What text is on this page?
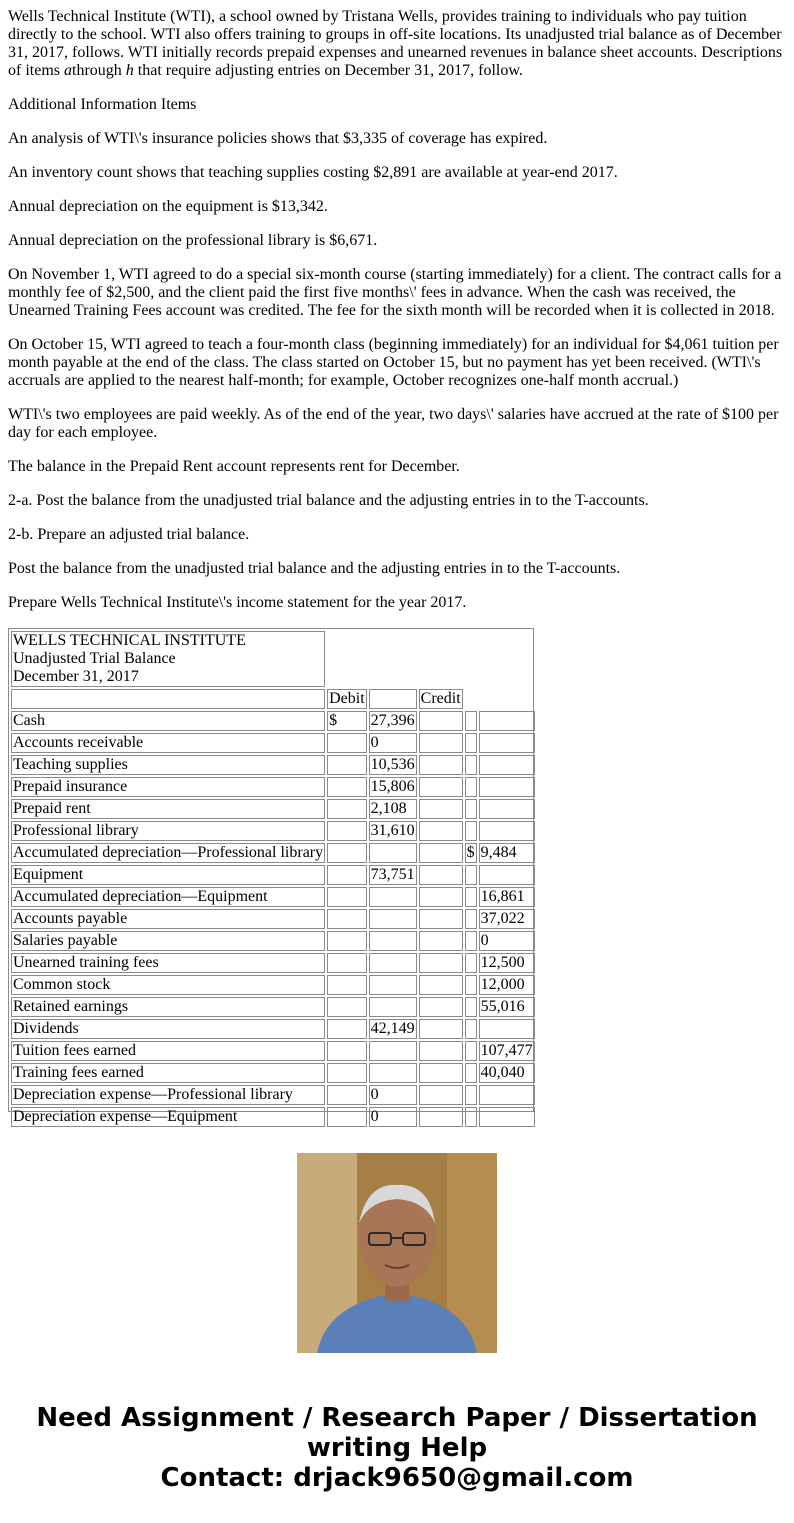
Wells Technical Institute (WTI), a school owned by Tristana Wells, provides training to individuals who pay tuition directly to the school. WTI also offers training to groups in off-site locations. Its unadjusted trial balance as of December 31, 2017, follows. WTI initially records prepaid expenses and unearned revenues in balance sheet accounts. Descriptions of items athrough h that require adjusting entries on December 31, 2017, follow.

Additional Information Items

An analysis of WTI\'s insurance policies shows that $3,335 of coverage has expired.

An inventory count shows that teaching supplies costing $2,891 are available at year-end 2017.

Annual depreciation on the equipment is $13,342.

Annual depreciation on the professional library is $6,671.

On November 1, WTI agreed to do a special six-month course (starting immediately) for a client. The contract calls for a monthly fee of $2,500, and the client paid the first five months\' fees in advance. When the cash was received, the Unearned Training Fees account was credited. The fee for the sixth month will be recorded when it is collected in 2018.

On October 15, WTI agreed to teach a four-month class (beginning immediately) for an individual for $4,061 tuition per month payable at the end of the class. The class started on October 15, but no payment has yet been received. (WTI\'s accruals are applied to the nearest half-month; for example, October recognizes one-half month accrual.)

WTI\'s two employees are paid weekly. As of the end of the year, two days\' salaries have accrued at the rate of $100 per day for each employee.

The balance in the Prepaid Rent account represents rent for December.

2-a. Post the balance from the unadjusted trial balance and the adjusting entries in to the T-accounts.

2-b. Prepare an adjusted trial balance.

Post the balance from the unadjusted trial balance and the adjusting entries in to the T-accounts.

Prepare Wells Technical Institute\'s income statement for the year 2017.

WELLS TECHNICAL INSTITUTE
Unadjusted Trial Balance
December 31, 2017					

	Debit		Credit		
Cash	$	27,396			
Accounts receivable		0			
Teaching supplies		10,536			
Prepaid insurance		15,806			
Prepaid rent		2,108			
Professional library		31,610			
Accumulated depreciation—Professional library				$	9,484
Equipment		73,751			
Accumulated depreciation—Equipment					16,861
Accounts payable					37,022
Salaries payable					0
Unearned training fees					12,500
Common stock					12,000
Retained earnings					55,016
Dividends		42,149			
Tuition fees earned					107,477
Training fees earned					40,040
Depreciation expense—Professional library		0			
Depreciation expense—Equipment		0			
Need Assignment / Research Paper / Dissertation
writing Help
Contact: drjack9650@gmail.com
